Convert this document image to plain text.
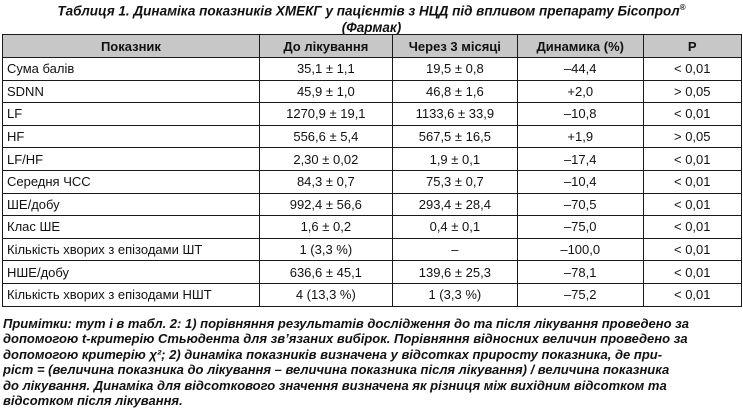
Таблиця 1. Динаміка показників ХМЕКГ у пацієнтів з НЦД під впливом препарату Бісопрол®
(Фармак)
Показник	До лікування	Через 3 місяці	Динамика (%)	P
Сума балів	35,1 ± 1,1	19,5 ± 0,8	–44,4	< 0,01
SDNN	45,9 ± 1,0	46,8 ± 1,6	+2,0	> 0,05
LF	1270,9 ± 19,1	1133,6 ± 33,9	–10,8	< 0,01
HF	556,6 ± 5,4	567,5 ± 16,5	+1,9	> 0,05
LF/HF	2,30 ± 0,02	1,9 ± 0,1	–17,4	< 0,01
Середня ЧСС	84,3 ± 0,7	75,3 ± 0,7	–10,4	< 0,01
ШЕ/добу	992,4 ± 56,6	293,4 ± 28,4	–70,5	< 0,01
Клас ШЕ	1,6 ± 0,2	0,4 ± 0,1	–75,0	< 0,01
Кількість хворих з епізодами ШТ	1 (3,3 %)	–	–100,0	< 0,01
НШЕ/добу	636,6 ± 45,1	139,6 ± 25,3	–78,1	< 0,01
Кількість хворих з епізодами НШТ	4 (13,3 %)	1 (3,3 %)	–75,2	< 0,01
Примітки: тут і в табл. 2: 1) порівняння результатів дослідження до та після лікування проведено за
допомогою t-критерію Стьюдента для зв’язаних вибірок. Порівняння відносних величин проведено за
допомогою критерію χ²; 2) динаміка показників визначена у відсотках приросту показника, де при-
ріст = (величина показника до лікування – величина показника після лікування) / величина показника
до лікування. Динаміка для відсоткового значення визначена як різниця між вихідним відсотком та
відсотком після лікування.
